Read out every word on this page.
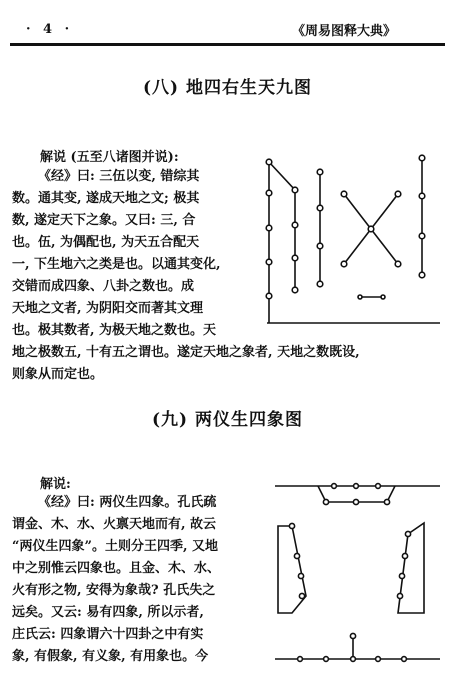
· 4 ·	《周易图释大典》
(八) 地四右生天九图
解说 (五至八诸图并说):

《经》曰: 三伍以变, 错综其

数。通其变, 遂成天地之文; 极其

数, 遂定天下之象。又曰: 三, 合

也。伍, 为偶配也, 为天五合配天

一, 下生地六之类是也。以通其变化,

交错而成四象、八卦之数也。成

天地之文者, 为阴阳交而著其文理

也。极其数者, 为极天地之数也。天

地之极数五, 十有五之谓也。遂定天地之象者, 天地之数既设,

则象从而定也。

(九) 两仪生四象图
解说:

《经》曰: 两仪生四象。孔氏疏

谓金、木、水、火禀天地而有, 故云

“两仪生四象”。土则分王四季, 又地

中之别惟云四象也。且金、木、水、

火有形之物, 安得为象哉? 孔氏失之

远矣。又云: 易有四象, 所以示者,

庄氏云: 四象谓六十四卦之中有实

象, 有假象, 有义象, 有用象也。今
